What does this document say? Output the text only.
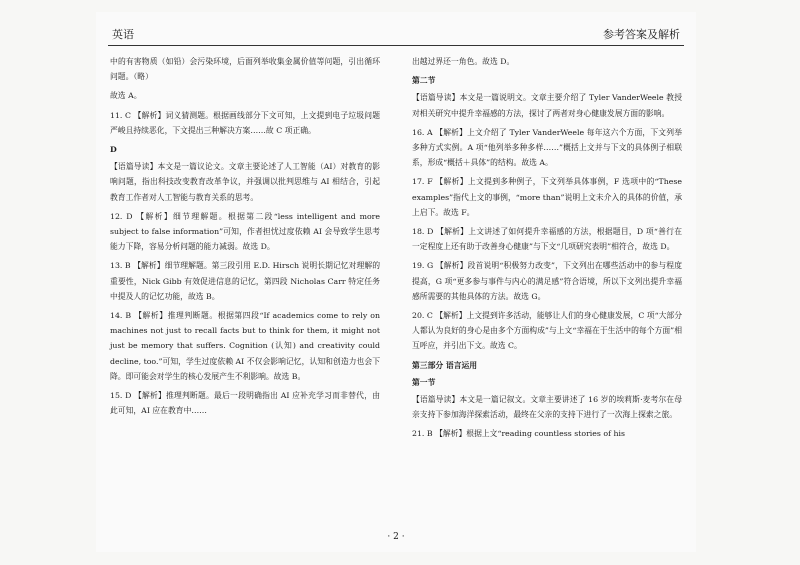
英语	参考答案及解析

中的有害物质（如铅）会污染环境，后面列举收集金属价值等问题，引出循环问题。（略）

故选 A。

11. C 【解析】词义猜测题。根据画线部分下文可知，上文提到电子垃圾问题严峻且持续恶化，下文提出三种解决方案……故 C 项正确。

D

【语篇导读】本文是一篇议论文。文章主要论述了人工智能（AI）对教育的影响问题，指出科技改变教育改革争议，并强调以批判思维与 AI 相结合，引起教育工作者对人工智能与教育关系的思考。

12. D 【解析】细节理解题。根据第二段“less intelligent and more subject to false information”可知，作者担忧过度依赖 AI 会导致学生思考能力下降，容易分析问题的能力减弱。故选 D。

13. B 【解析】细节理解题。第三段引用 E.D. Hirsch 说明长期记忆对理解的重要性，Nick Gibb 有效促进信息的记忆，第四段 Nicholas Carr 特定任务中提及人的记忆功能，故选 B。

14. B 【解析】推理判断题。根据第四段“If academics come to rely on machines not just to recall facts but to think for them, it might not just be memory that suffers. Cognition (认知) and creativity could decline, too.”可知，学生过度依赖 AI 不仅会影响记忆，认知和创造力也会下降。即可能会对学生的核心发展产生不利影响。故选 B。

15. D 【解析】推理判断题。最后一段明确指出 AI 应补充学习而非替代，由此可知，AI 应在教育中……

出越过界还一角色。故选 D。

第二节

【语篇导读】本文是一篇说明文。文章主要介绍了 Tyler VanderWeele 教授对相关研究中提升幸福感的方法，探讨了两者对身心健康发展方面的影响。

16. A 【解析】上文介绍了 Tyler VanderWeele 每年这六个方面，下文列举多种方式实例。A 项“他列举多种多样……”概括上文并与下文的具体例子相联系，形成“概括＋具体”的结构。故选 A。

17. F 【解析】上文提到多种例子，下文列举具体事例，F 选项中的“These examples”指代上文的事例，“more than”说明上文未介入的具体的价值，承上启下。故选 F。

18. D 【解析】上文讲述了如何提升幸福感的方法，根据题目，D 项“善行在一定程度上还有助于改善身心健康”与下文“几项研究表明”相符合，故选 D。

19. G 【解析】段首说明“积极努力改变”，下文列出在哪些活动中的参与程度提高，G 项“更多参与事件与内心的满足感”符合语境，所以下文列出提升幸福感所需要的其他具体的方法。故选 G。

20. C 【解析】上文提到许多活动，能够让人们的身心健康发展，C 项“大部分人都认为良好的身心是由多个方面构成”与上文“幸福在于生活中的每个方面”相互呼应，并引出下文。故选 C。

第三部分 语言运用

第一节

【语篇导读】本文是一篇记叙文。文章主要讲述了 16 岁的埃莉斯·麦考尔在母亲支持下参加海洋探索活动，最终在父亲的支持下进行了一次海上探索之旅。

21. B 【解析】根据上文“reading countless stories of his

· 2 ·
